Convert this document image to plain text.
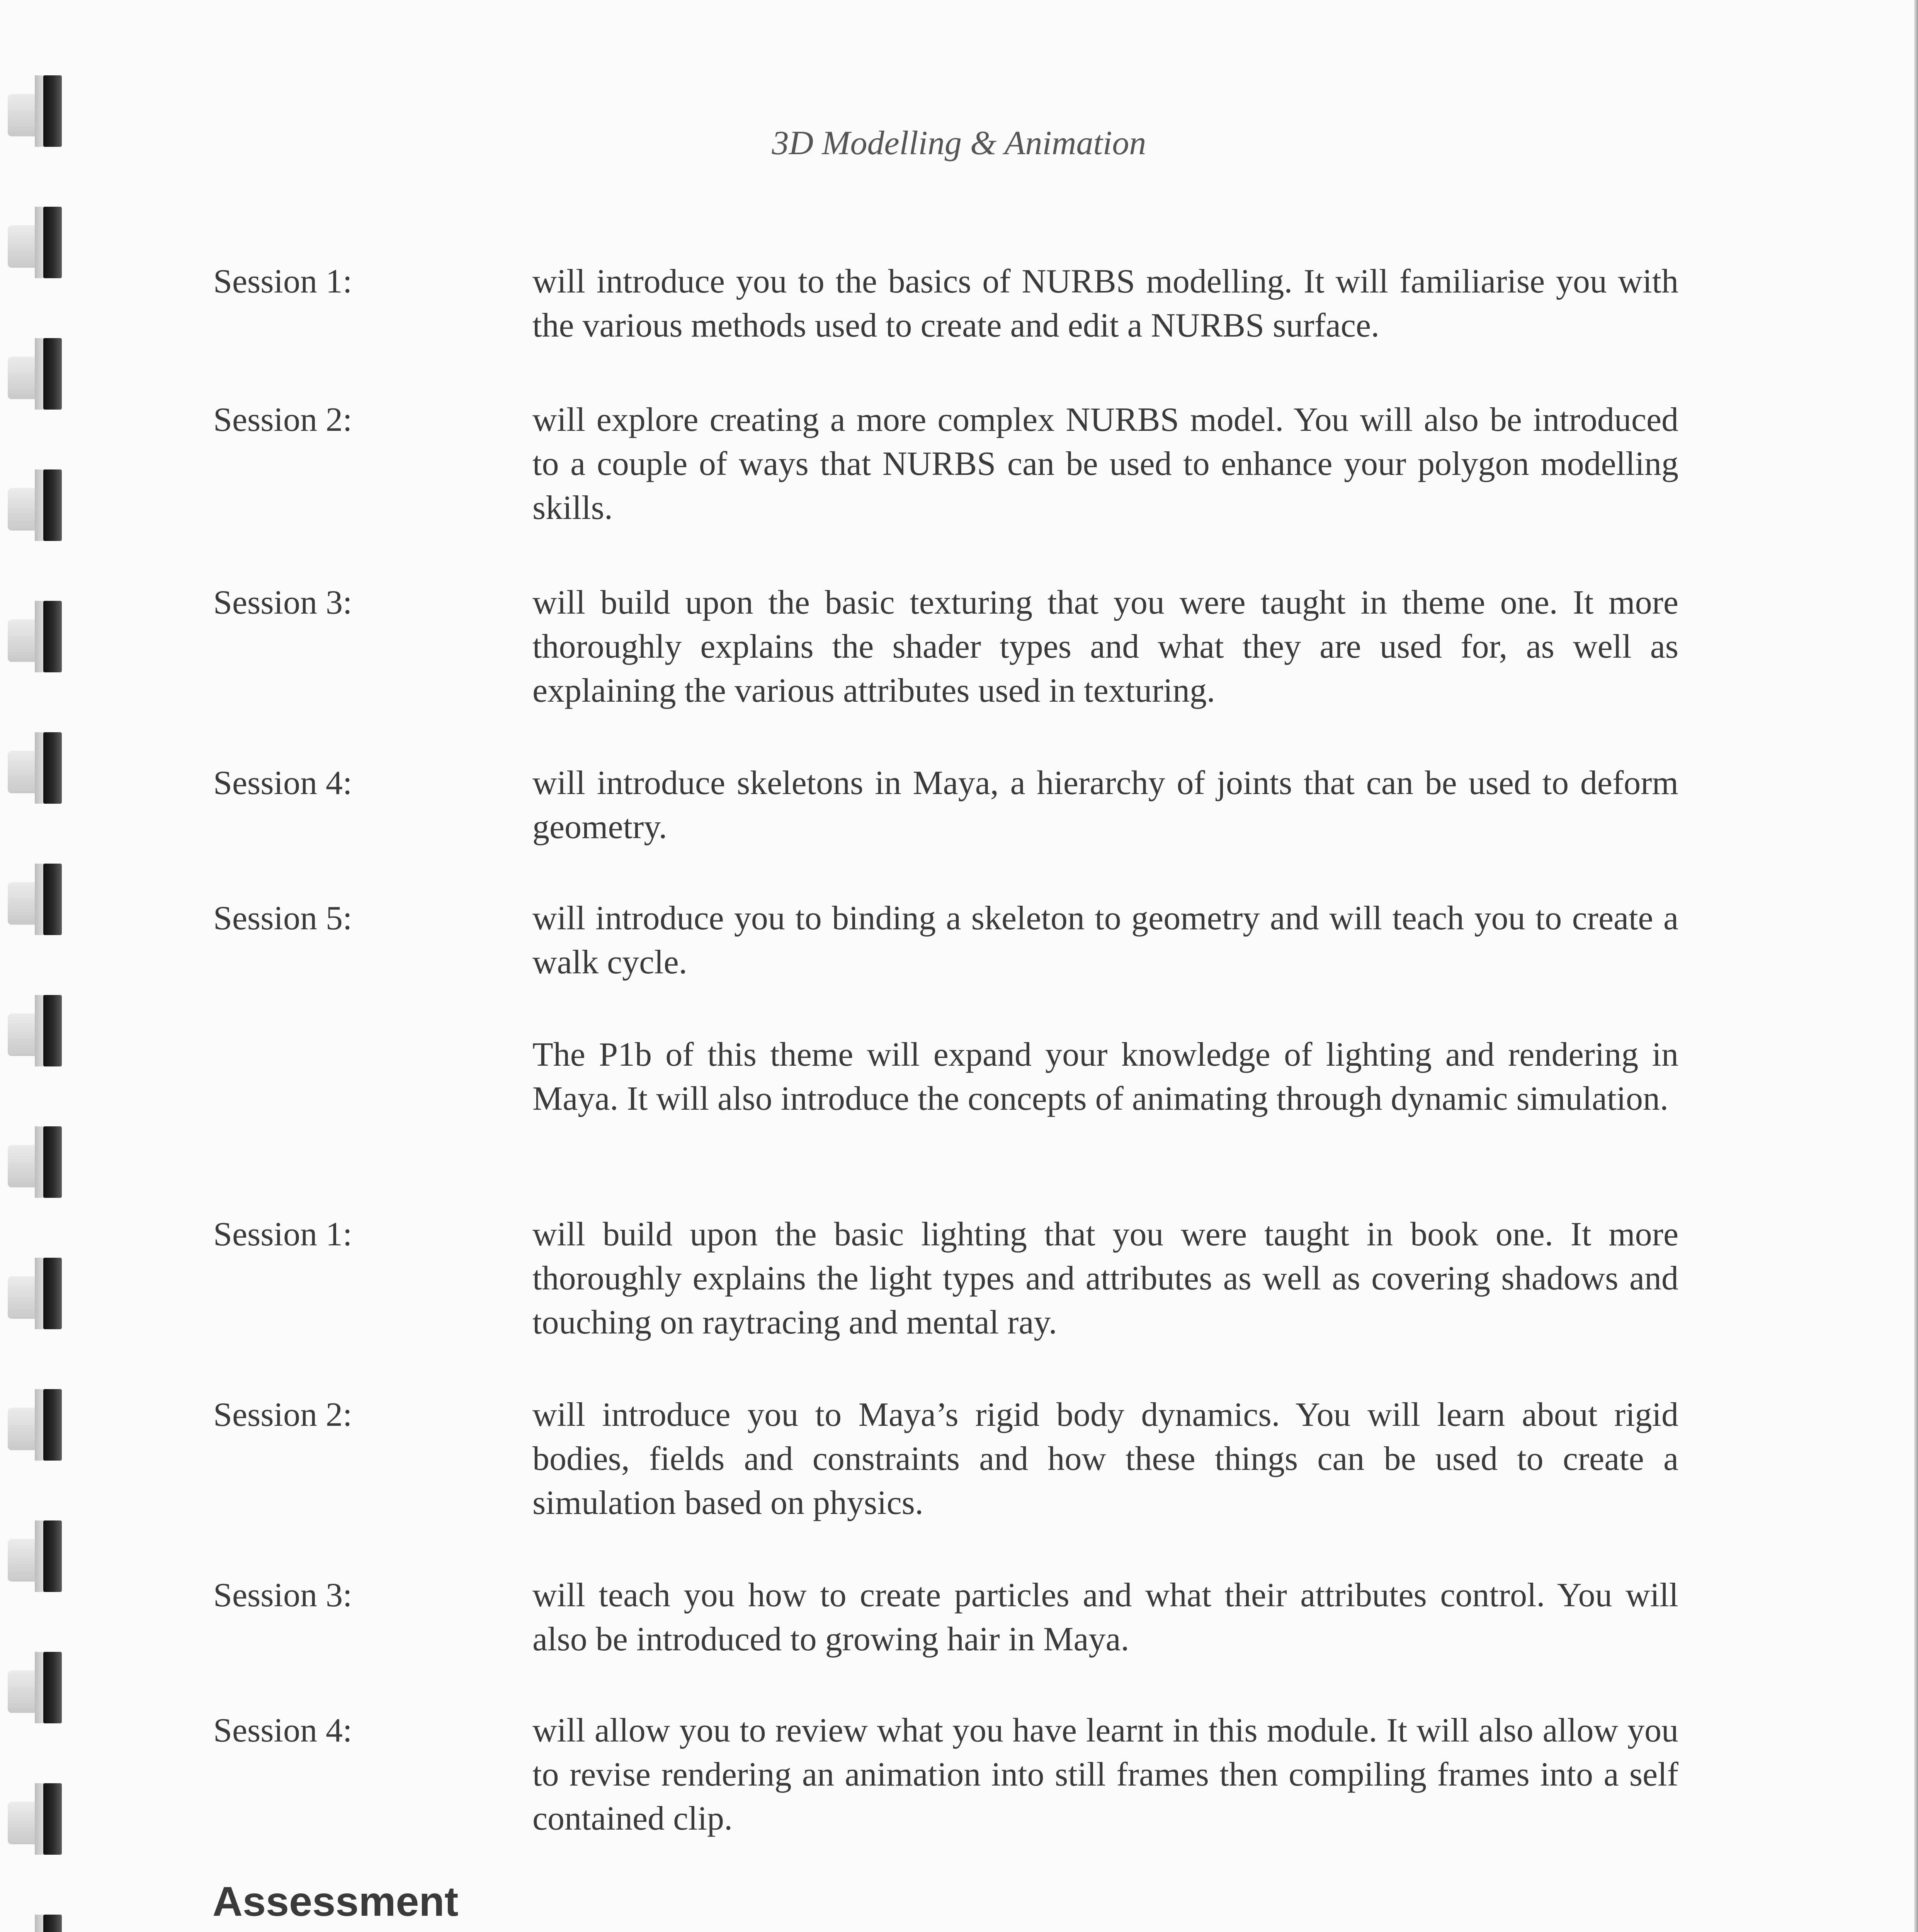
3D Modelling & Animation
Session 1:	will introduce you to the basics of NURBS modelling. It will familiarise you with the various methods used to create and edit a NURBS surface.
Session 2:	will explore creating a more complex NURBS model. You will also be introduced to a couple of ways that NURBS can be used to enhance your polygon modelling skills.
Session 3:	will build upon the basic texturing that you were taught in theme one. It more thoroughly explains the shader types and what they are used for, as well as explaining the various attributes used in texturing.
Session 4:	will introduce skeletons in Maya, a hierarchy of joints that can be used to deform geometry.
Session 5:	will introduce you to binding a skeleton to geometry and will teach you to create a walk cycle.
The P1b of this theme will expand your knowledge of lighting and rendering in Maya. It will also introduce the concepts of animating through dynamic simulation.
Session 1:	will build upon the basic lighting that you were taught in book one. It more thoroughly explains the light types and attributes as well as covering shadows and touching on raytracing and mental ray.
Session 2:	will introduce you to Maya’s rigid body dynamics. You will learn about rigid bodies, fields and constraints and how these things can be used to create a simulation based on physics.
Session 3:	will teach you how to create particles and what their attributes control. You will also be introduced to growing hair in Maya.
Session 4:	will allow you to review what you have learnt in this module. It will also allow you to revise rendering an animation into still frames then compiling frames into a self contained clip.
Assessment
